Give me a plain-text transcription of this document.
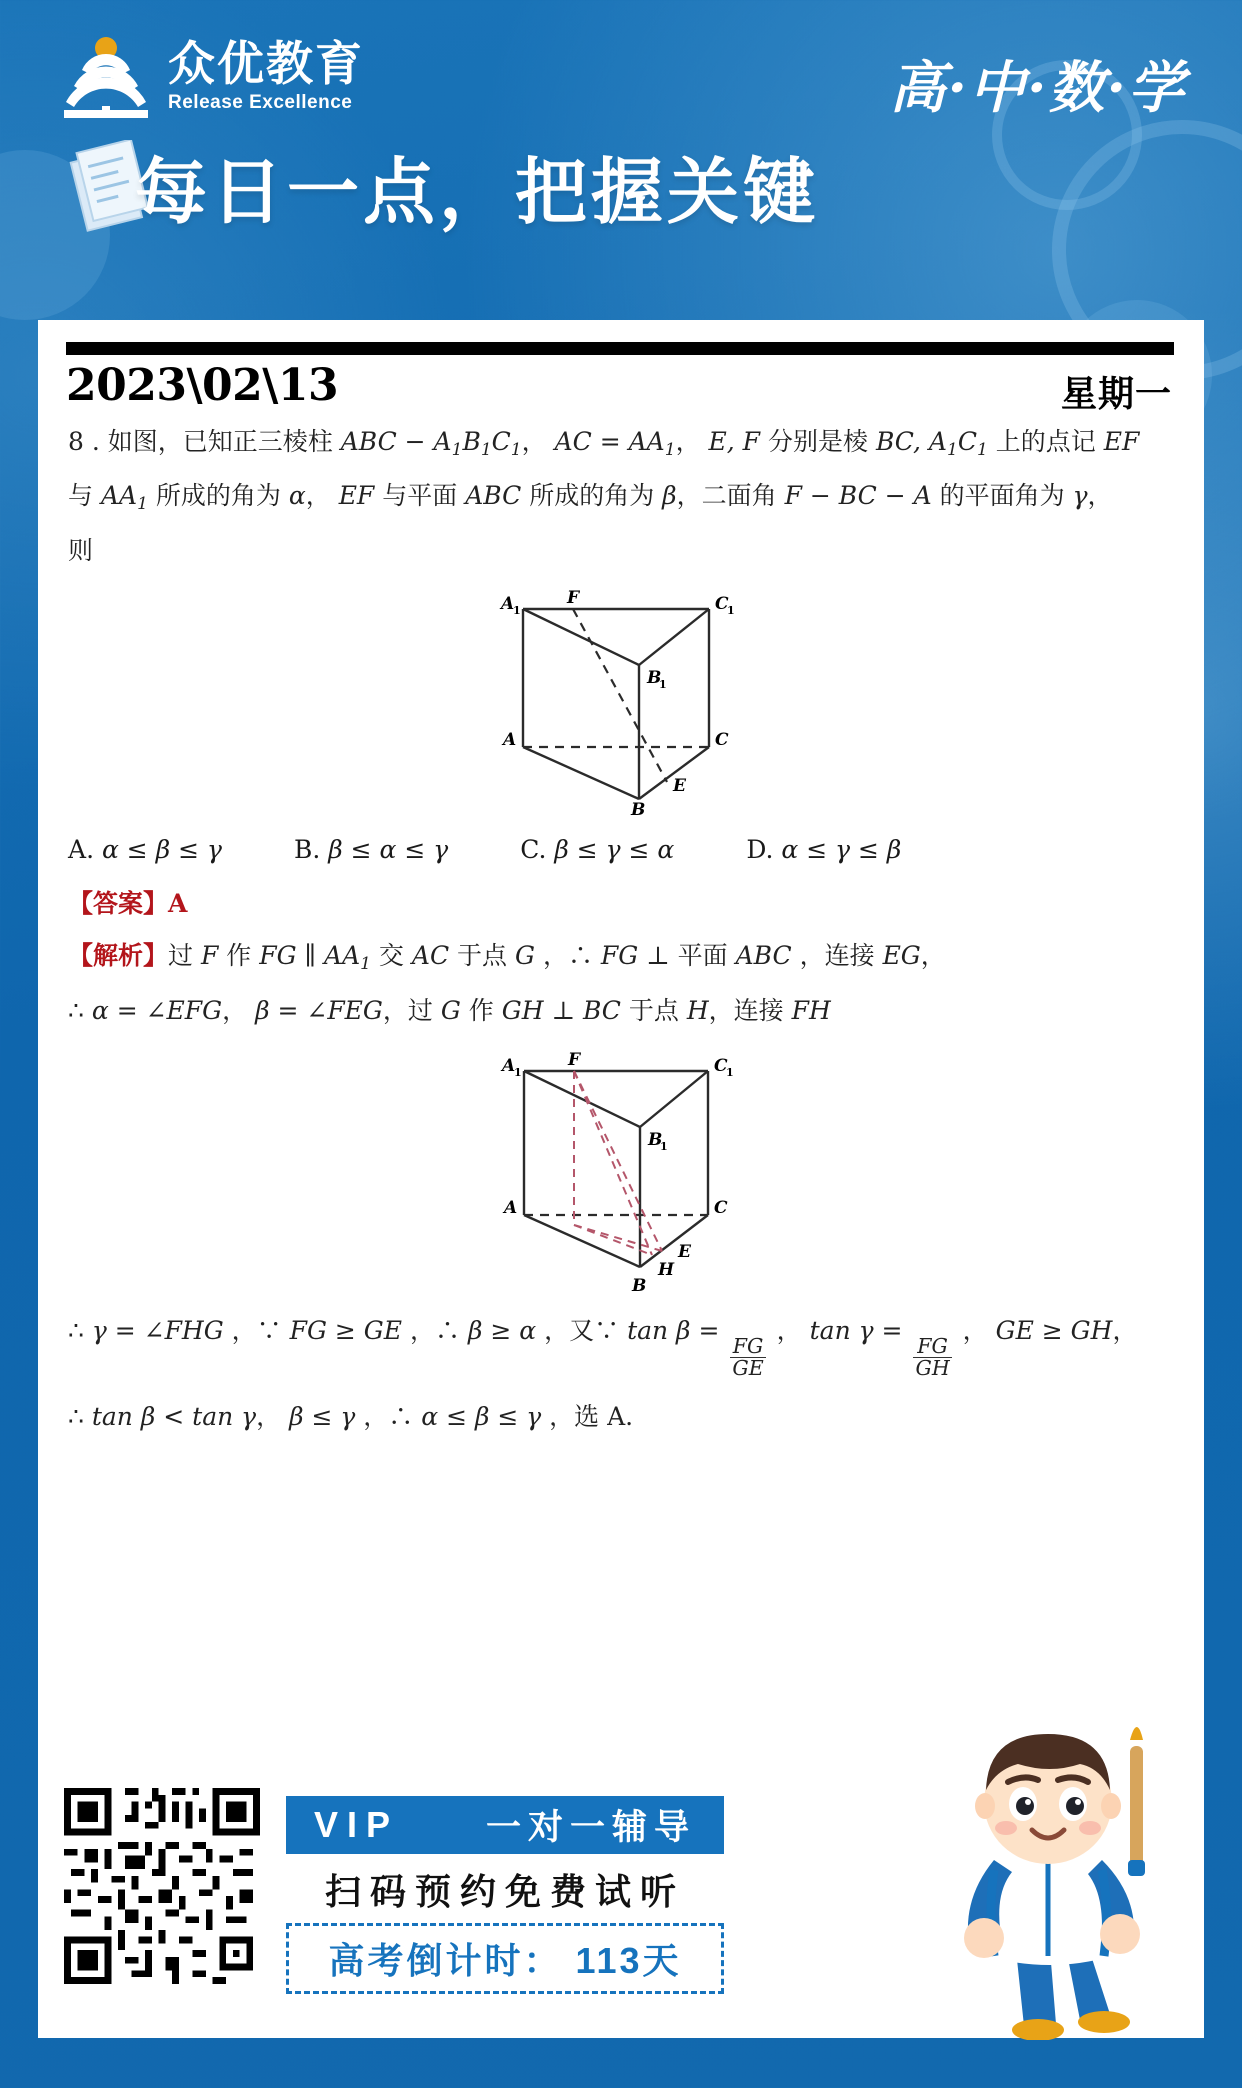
众优教育
Release Excellence	高·中·数·学
每日一点，把握关键
2023\02\13	星期一
8 . 如图，已知正三棱柱 ABC − $A_1B_1C_1$， AC = $AA_1$， E, F 分别是棱 BC, $A_1C_1$ 上的点记 EF
与 $AA_1$ 所成的角为 α， EF 与平面 ABC 所成的角为 β，二面角 F − BC − A 的平面角为 γ，
则
A
1
F	C
1
B
1
A	C
E
B
A. α ≤ β ≤ γ	B. β ≤ α ≤ γ	C. β ≤ γ ≤ α	D. α ≤ γ ≤ β
【答案】A
【解析】过 F 作 FG ∥ $AA_1$ 交 AC 于点 G ，∴ FG ⊥ 平面 ABC ，连接 EG，
∴ α = ∠EFG， β = ∠FEG，过 G 作 GH ⊥ BC 于点 H，连接 FH
A
1
F	C
1
B
1
A	C
E
H
B
∴ γ = ∠FHG ，∵ FG ≥ GE ，∴ β ≥ α ，又∵ tan β =
$\frac{FG}{GE}$
， tan γ =
$\frac{FG}{GH}$
， GE ≥ GH，
∴ tan β < tan γ， β ≤ γ ，∴ α ≤ β ≤ γ ，选 A.
VIP 一对一辅导
扫码预约免费试听
高考倒计时： 113天
